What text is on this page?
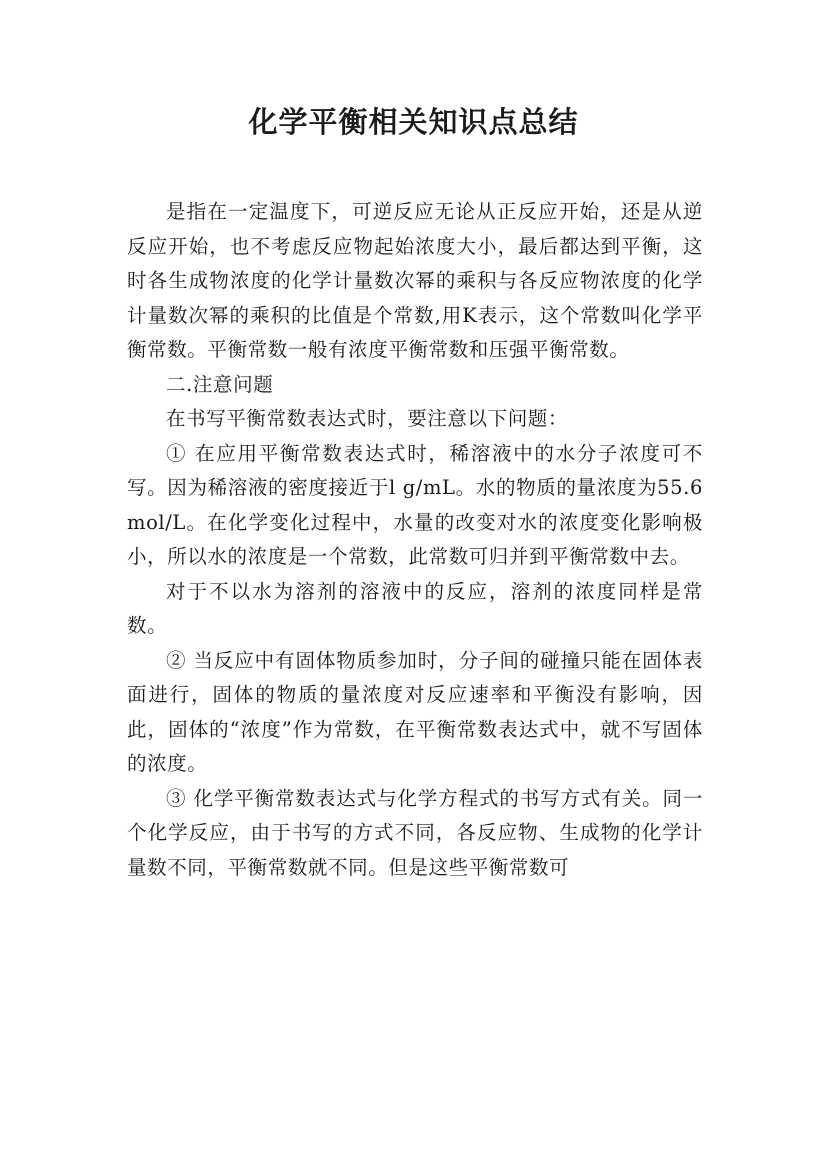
化学平衡相关知识点总结

是指在一定温度下，可逆反应无论从正反应开始，还是从逆反应开始，也不考虑反应物起始浓度大小，最后都达到平衡，这时各生成物浓度的化学计量数次幂的乘积与各反应物浓度的化学计量数次幂的乘积的比值是个常数,用K表示，这个常数叫化学平衡常数。平衡常数一般有浓度平衡常数和压强平衡常数。

二.注意问题

在书写平衡常数表达式时，要注意以下问题：

① 在应用平衡常数表达式时，稀溶液中的水分子浓度可不写。因为稀溶液的密度接近于l g/mL。水的物质的量浓度为55.6 mol/L。在化学变化过程中，水量的改变对水的浓度变化影响极小，所以水的浓度是一个常数，此常数可归并到平衡常数中去。

对于不以水为溶剂的溶液中的反应，溶剂的浓度同样是常数。

② 当反应中有固体物质参加时，分子间的碰撞只能在固体表面进行，固体的物质的量浓度对反应速率和平衡没有影响，因此，固体的“浓度”作为常数，在平衡常数表达式中，就不写固体的浓度。

③ 化学平衡常数表达式与化学方程式的书写方式有关。同一个化学反应，由于书写的方式不同，各反应物、生成物的化学计量数不同，平衡常数就不同。但是这些平衡常数可
